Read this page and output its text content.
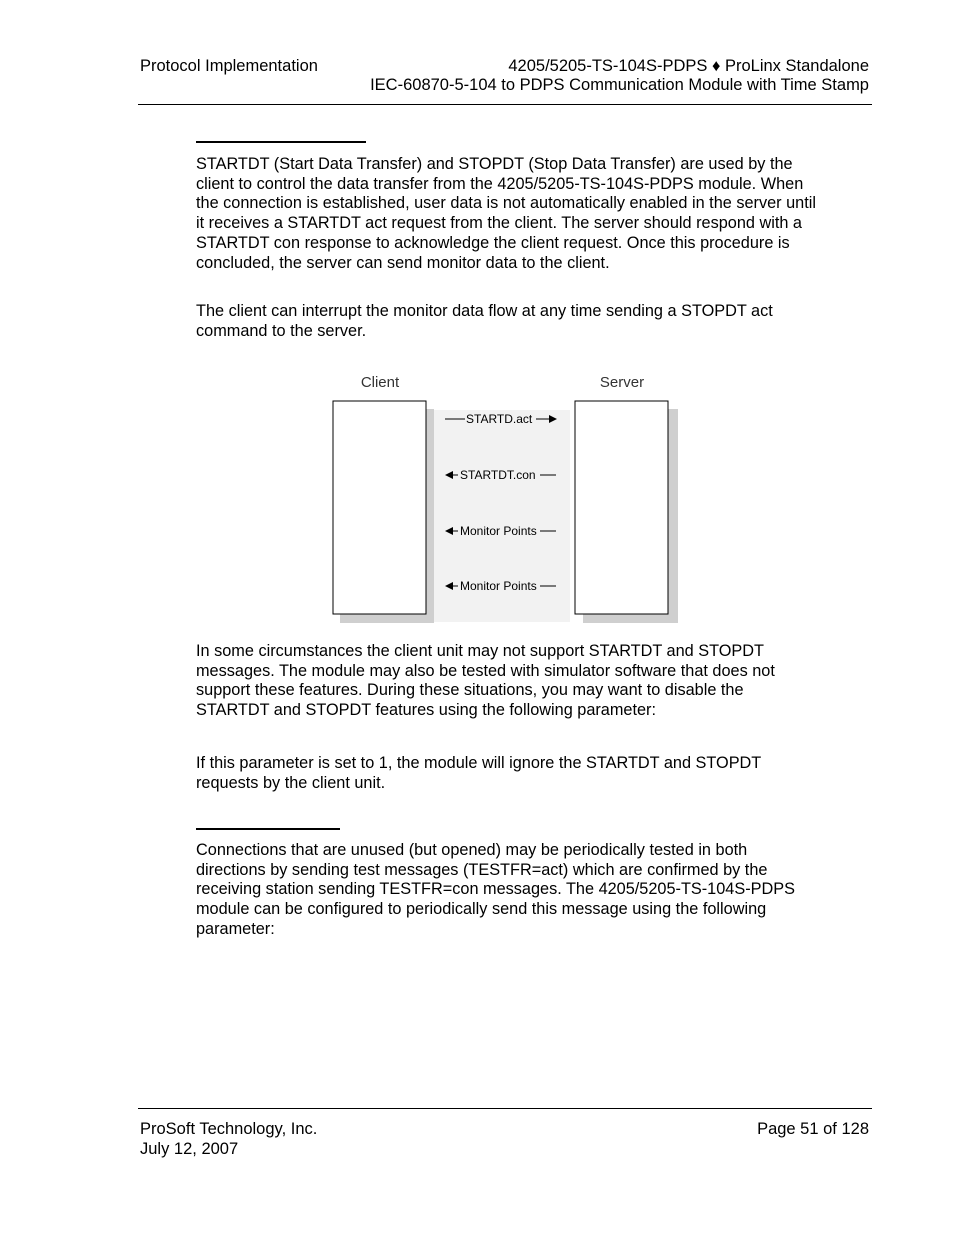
Protocol Implementation	4205/5205-TS-104S-PDPS ♦ ProLinx Standalone
IEC-60870-5-104 to PDPS Communication Module with Time Stamp

STARTDT (Start Data Transfer) and STOPDT (Stop Data Transfer) are used by the client to control the data transfer from the 4205/5205-TS-104S-PDPS module. When the connection is established, user data is not automatically enabled in the server until it receives a STARTDT act request from the client. The server should respond with a STARTDT con response to acknowledge the client request. Once this procedure is concluded, the server can send monitor data to the client.

The client can interrupt the monitor data flow at any time sending a STOPDT act command to the server.

Client	Server
STARTD.act
STARTDT.con
Monitor Points
Monitor Points

In some circumstances the client unit may not support STARTDT and STOPDT messages. The module may also be tested with simulator software that does not support these features. During these situations, you may want to disable the STARTDT and STOPDT features using the following parameter:

If this parameter is set to 1, the module will ignore the STARTDT and STOPDT requests by the client unit.

Connections that are unused (but opened) may be periodically tested in both directions by sending test messages (TESTFR=act) which are confirmed by the receiving station sending TESTFR=con messages. The 4205/5205-TS-104S-PDPS module can be configured to periodically send this message using the following parameter:

ProSoft Technology, Inc.
July 12, 2007
Page 51 of 128
